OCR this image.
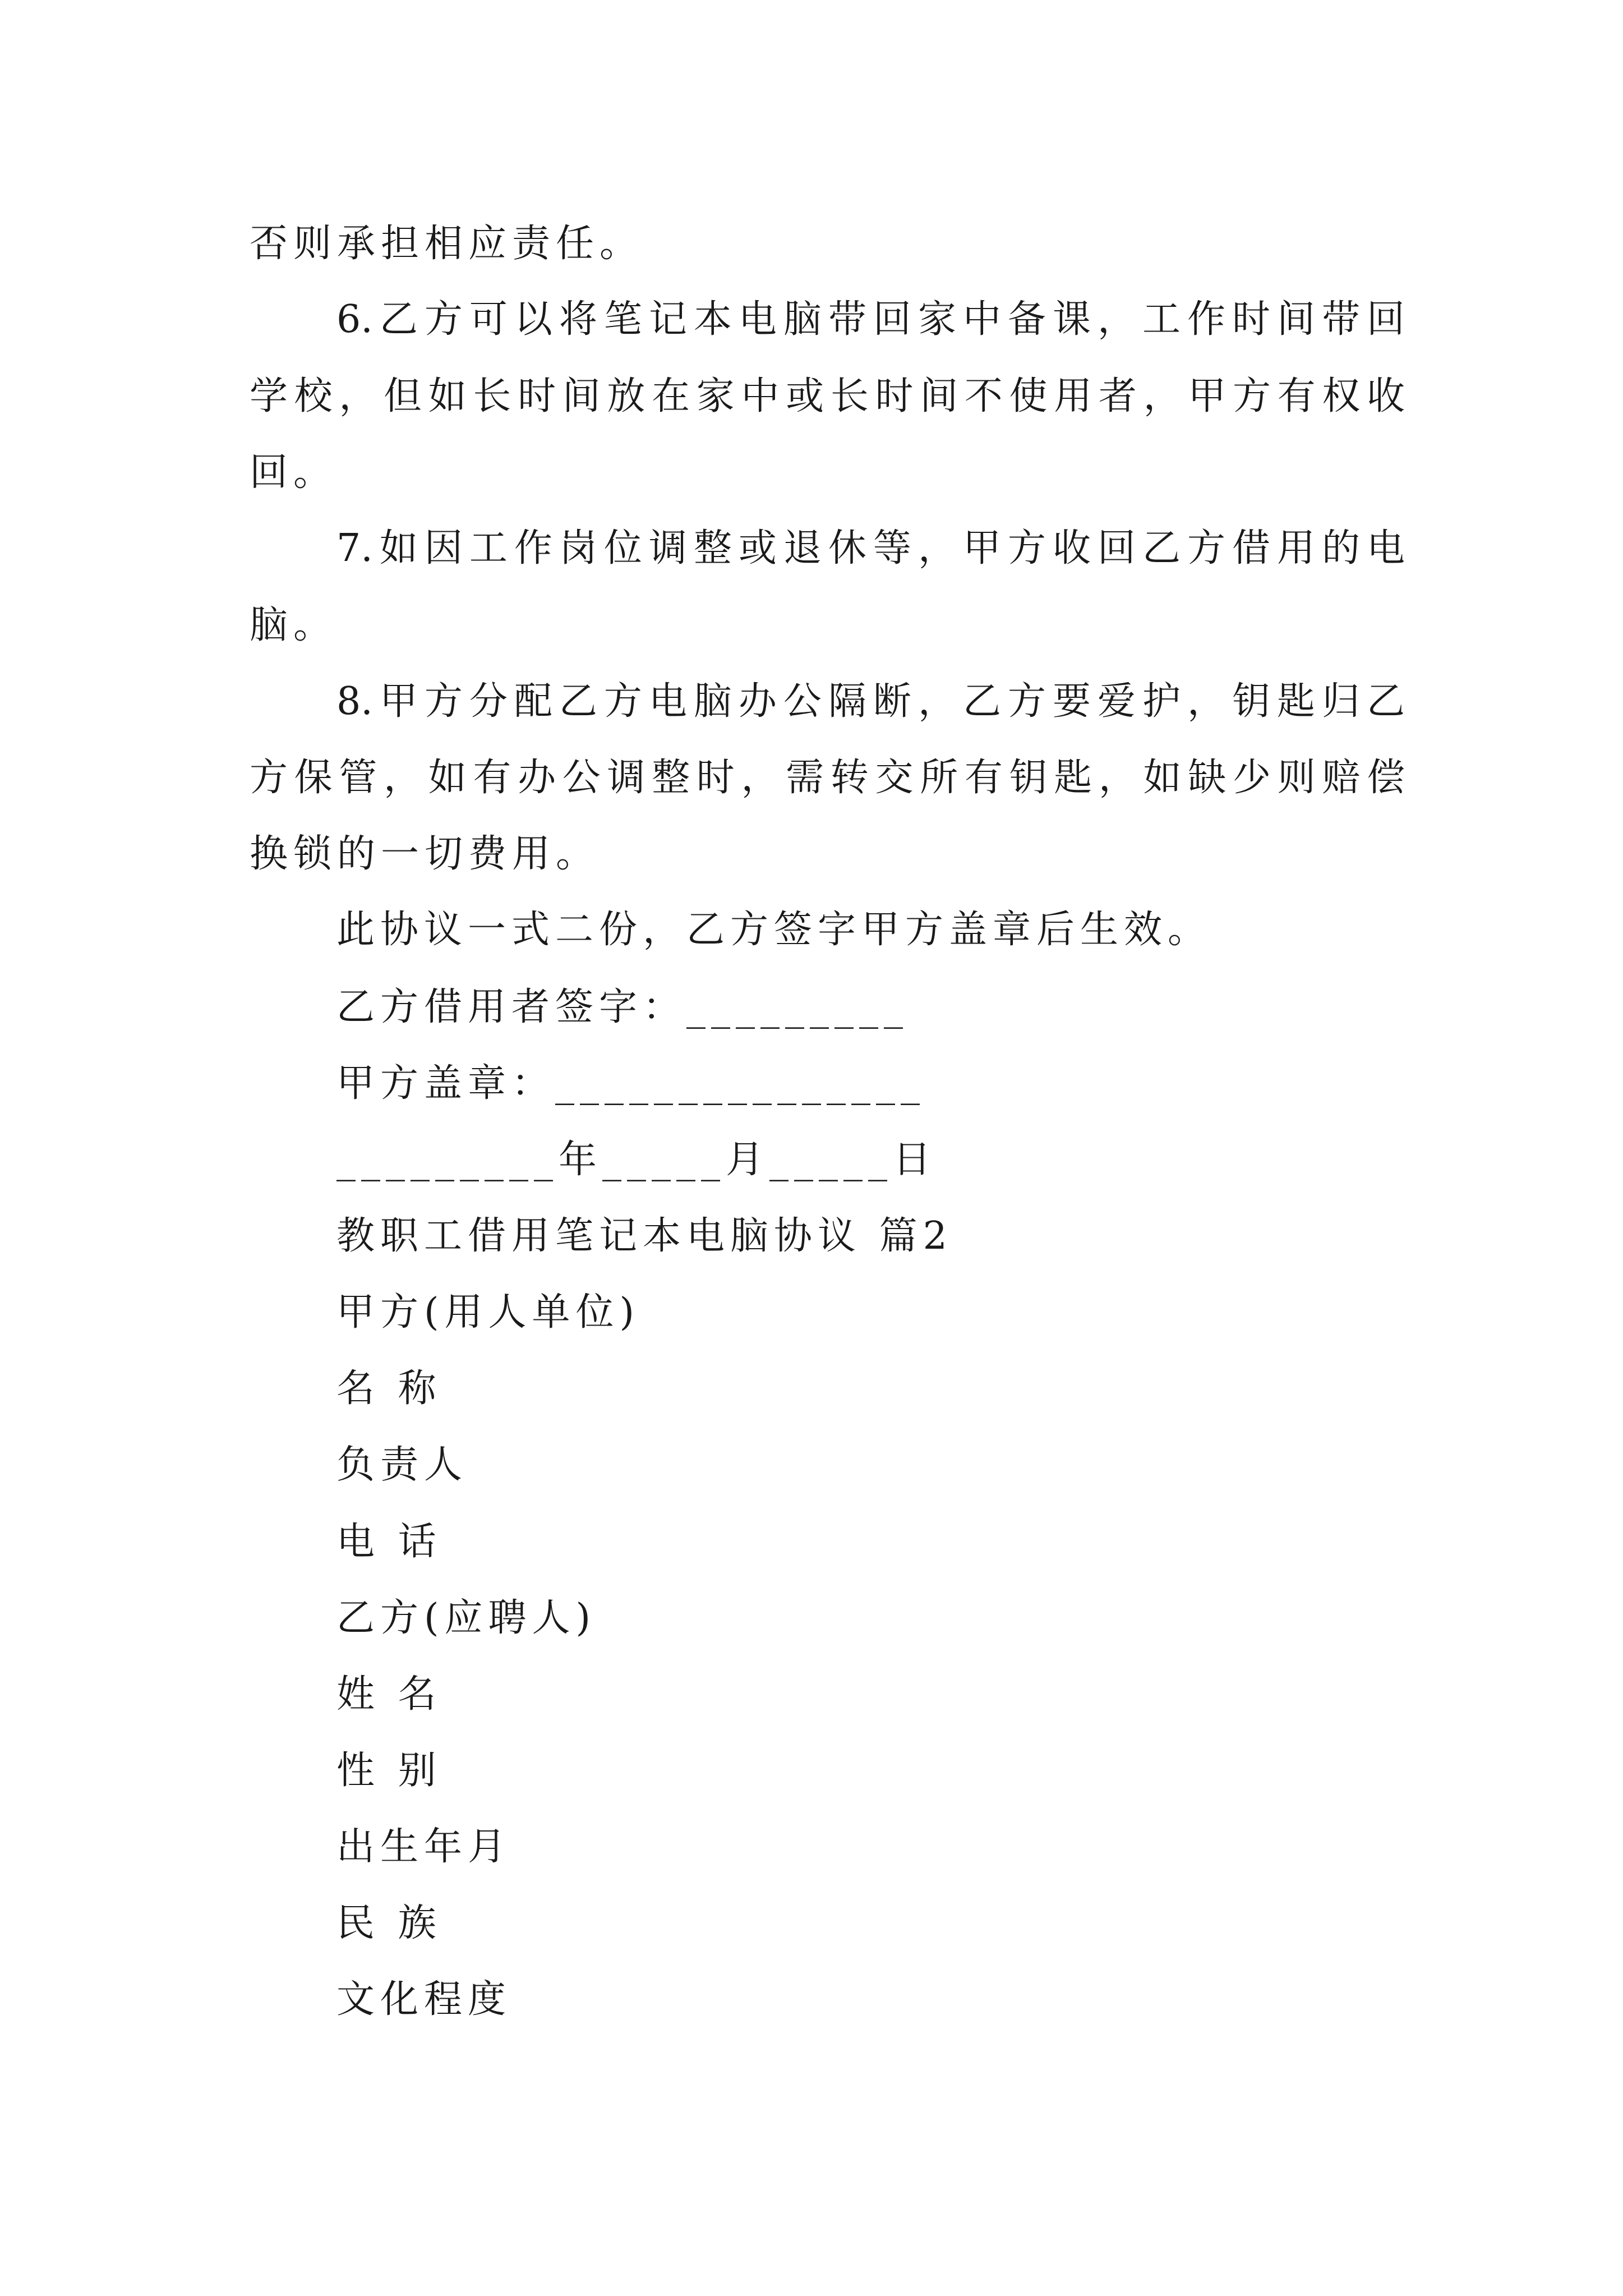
否则承担相应责任。
6.乙方可以将笔记本电脑带回家中备课，工作时间带回
学校，但如长时间放在家中或长时间不使用者，甲方有权收
回。
7.如因工作岗位调整或退休等，甲方收回乙方借用的电
脑。
8.甲方分配乙方电脑办公隔断，乙方要爱护，钥匙归乙
方保管，如有办公调整时，需转交所有钥匙，如缺少则赔偿
换锁的一切费用。
此协议一式二份，乙方签字甲方盖章后生效。
乙方借用者签字：_________
甲方盖章：_______________
_________年_____月_____日
教职工借用笔记本电脑协议 篇2
甲方(用人单位)
名 称
负责人
电 话
乙方(应聘人)
姓 名
性 别
出生年月
民 族
文化程度
